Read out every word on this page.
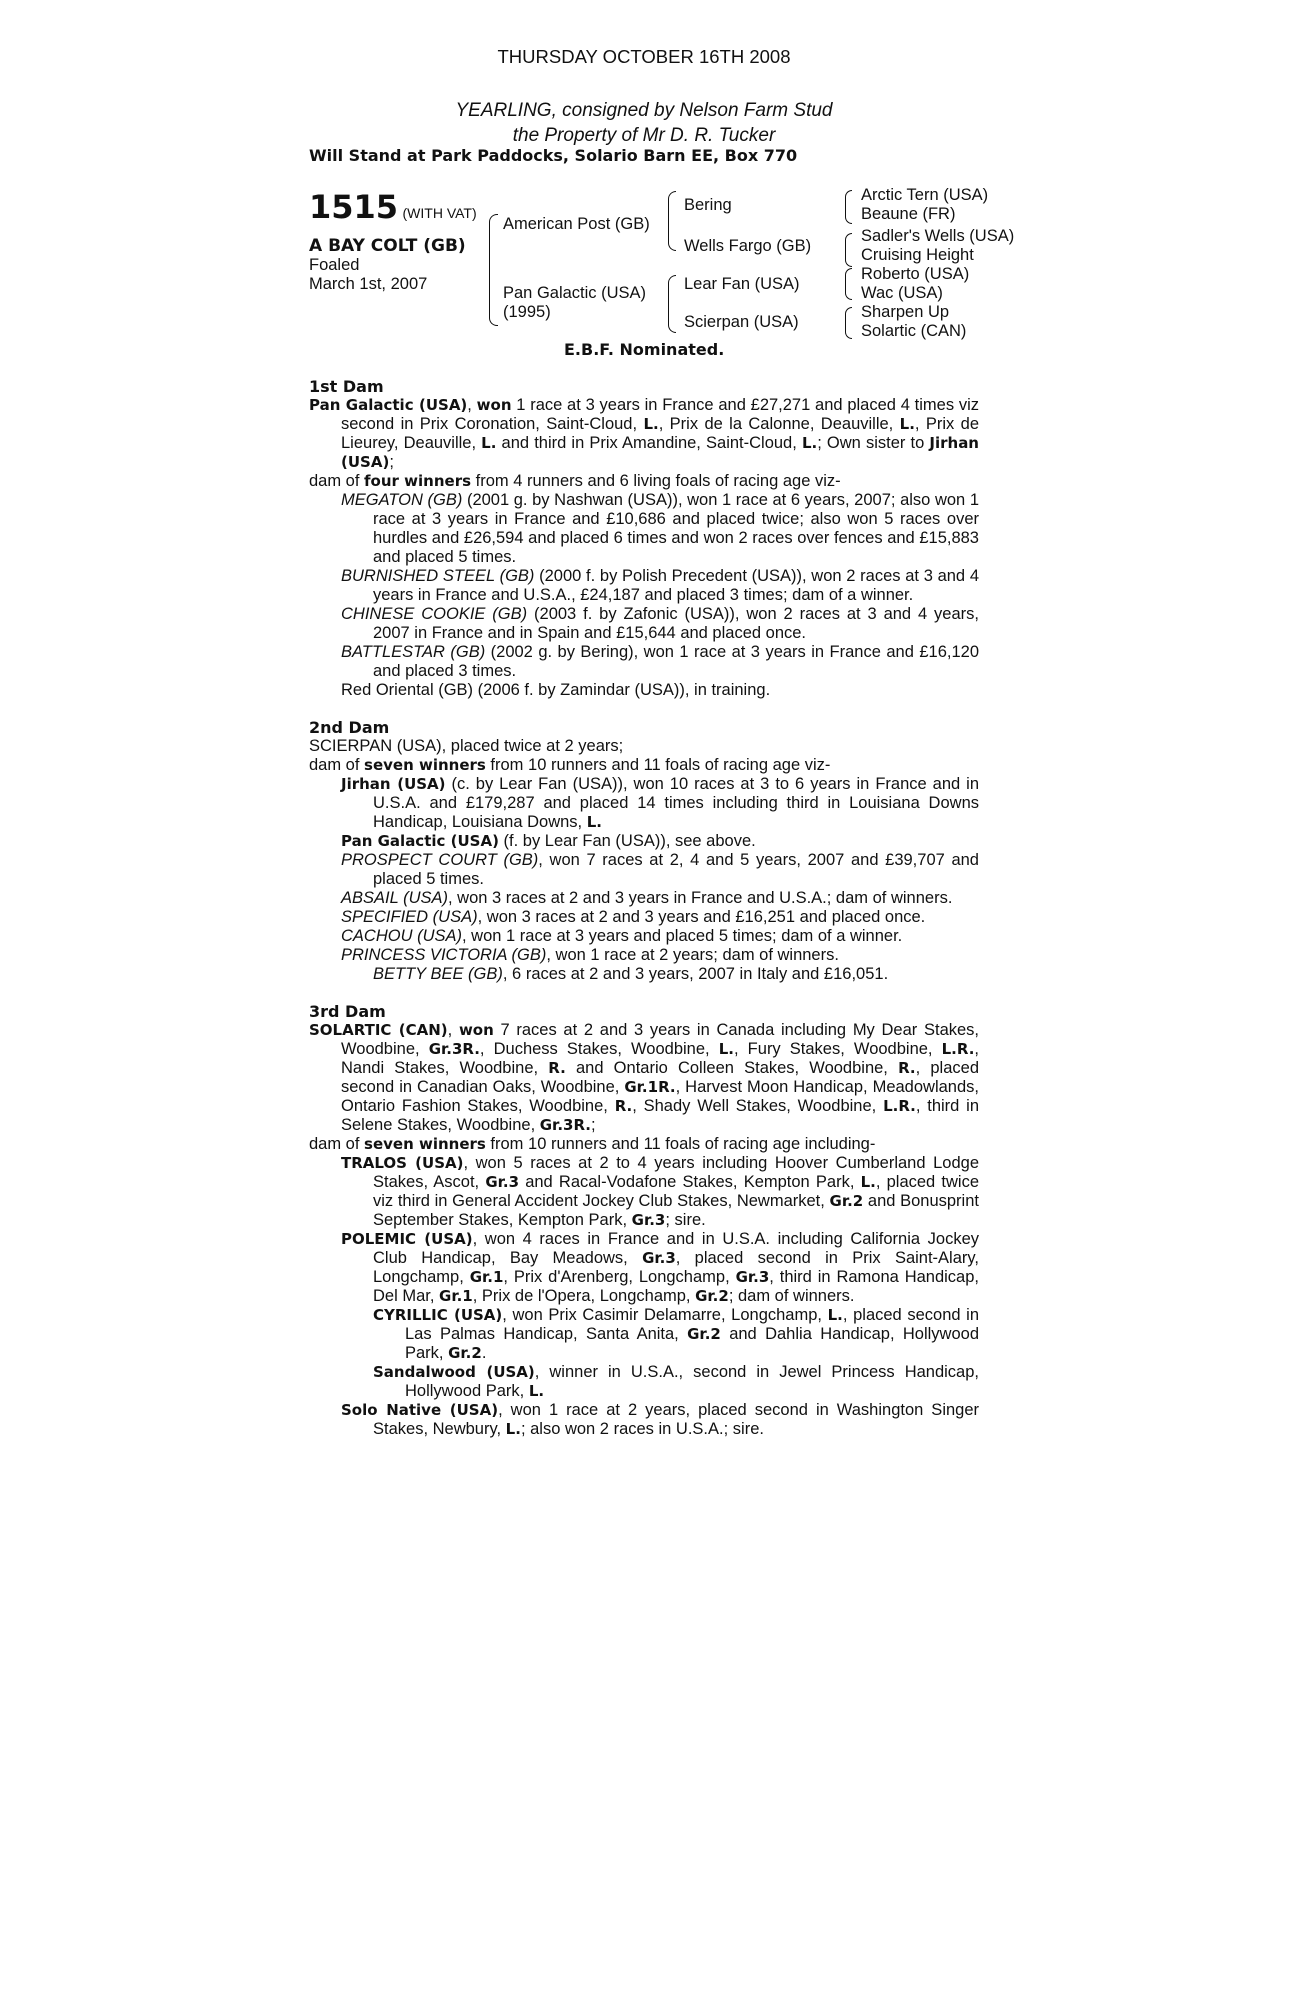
THURSDAY OCTOBER 16TH 2008
YEARLING, consigned by Nelson Farm Stud
the Property of Mr D. R. Tucker
Will Stand at Park Paddocks, Solario Barn EE, Box 770
1515 (WITH VAT)
A BAY COLT (GB)
Foaled
March 1st, 2007
American Post (GB)
Pan Galactic (USA)
(1995)
Bering
Wells Fargo (GB)
Lear Fan (USA)
Scierpan (USA)
Arctic Tern (USA)
Beaune (FR)
Sadler's Wells (USA)
Cruising Height
Roberto (USA)
Wac (USA)
Sharpen Up
Solartic (CAN)
E.B.F. Nominated.
1st Dam
Pan Galactic (USA), won 1 race at 3 years in France and £27,271 and placed 4 times viz second in Prix Coronation, Saint-Cloud, L., Prix de la Calonne, Deauville, L., Prix de Lieurey, Deauville, L. and third in Prix Amandine, Saint-Cloud, L.; Own sister to Jirhan (USA);
dam of four winners from 4 runners and 6 living foals of racing age viz-
MEGATON (GB) (2001 g. by Nashwan (USA)), won 1 race at 6 years, 2007; also won 1 race at 3 years in France and £10,686 and placed twice; also won 5 races over hurdles and £26,594 and placed 6 times and won 2 races over fences and £15,883 and placed 5 times.
BURNISHED STEEL (GB) (2000 f. by Polish Precedent (USA)), won 2 races at 3 and 4 years in France and U.S.A., £24,187 and placed 3 times; dam of a winner.
CHINESE COOKIE (GB) (2003 f. by Zafonic (USA)), won 2 races at 3 and 4 years, 2007 in France and in Spain and £15,644 and placed once.
BATTLESTAR (GB) (2002 g. by Bering), won 1 race at 3 years in France and £16,120 and placed 3 times.
Red Oriental (GB) (2006 f. by Zamindar (USA)), in training.
2nd Dam
SCIERPAN (USA), placed twice at 2 years;
dam of seven winners from 10 runners and 11 foals of racing age viz-
Jirhan (USA) (c. by Lear Fan (USA)), won 10 races at 3 to 6 years in France and in U.S.A. and £179,287 and placed 14 times including third in Louisiana Downs Handicap, Louisiana Downs, L.
Pan Galactic (USA) (f. by Lear Fan (USA)), see above.
PROSPECT COURT (GB), won 7 races at 2, 4 and 5 years, 2007 and £39,707 and placed 5 times.
ABSAIL (USA), won 3 races at 2 and 3 years in France and U.S.A.; dam of winners.
SPECIFIED (USA), won 3 races at 2 and 3 years and £16,251 and placed once.
CACHOU (USA), won 1 race at 3 years and placed 5 times; dam of a winner.
PRINCESS VICTORIA (GB), won 1 race at 2 years; dam of winners.
BETTY BEE (GB), 6 races at 2 and 3 years, 2007 in Italy and £16,051.
3rd Dam
SOLARTIC (CAN), won 7 races at 2 and 3 years in Canada including My Dear Stakes, Woodbine, Gr.3R., Duchess Stakes, Woodbine, L., Fury Stakes, Woodbine, L.R., Nandi Stakes, Woodbine, R. and Ontario Colleen Stakes, Woodbine, R., placed second in Canadian Oaks, Woodbine, Gr.1R., Harvest Moon Handicap, Meadowlands, Ontario Fashion Stakes, Woodbine, R., Shady Well Stakes, Woodbine, L.R., third in Selene Stakes, Woodbine, Gr.3R.;
dam of seven winners from 10 runners and 11 foals of racing age including-
TRALOS (USA), won 5 races at 2 to 4 years including Hoover Cumberland Lodge Stakes, Ascot, Gr.3 and Racal-Vodafone Stakes, Kempton Park, L., placed twice viz third in General Accident Jockey Club Stakes, Newmarket, Gr.2 and Bonusprint September Stakes, Kempton Park, Gr.3; sire.
POLEMIC (USA), won 4 races in France and in U.S.A. including California Jockey Club Handicap, Bay Meadows, Gr.3, placed second in Prix Saint-Alary, Longchamp, Gr.1, Prix d'Arenberg, Longchamp, Gr.3, third in Ramona Handicap, Del Mar, Gr.1, Prix de l'Opera, Longchamp, Gr.2; dam of winners.
CYRILLIC (USA), won Prix Casimir Delamarre, Longchamp, L., placed second in Las Palmas Handicap, Santa Anita, Gr.2 and Dahlia Handicap, Hollywood Park, Gr.2.
Sandalwood (USA), winner in U.S.A., second in Jewel Princess Handicap, Hollywood Park, L.
Solo Native (USA), won 1 race at 2 years, placed second in Washington Singer Stakes, Newbury, L.; also won 2 races in U.S.A.; sire.
